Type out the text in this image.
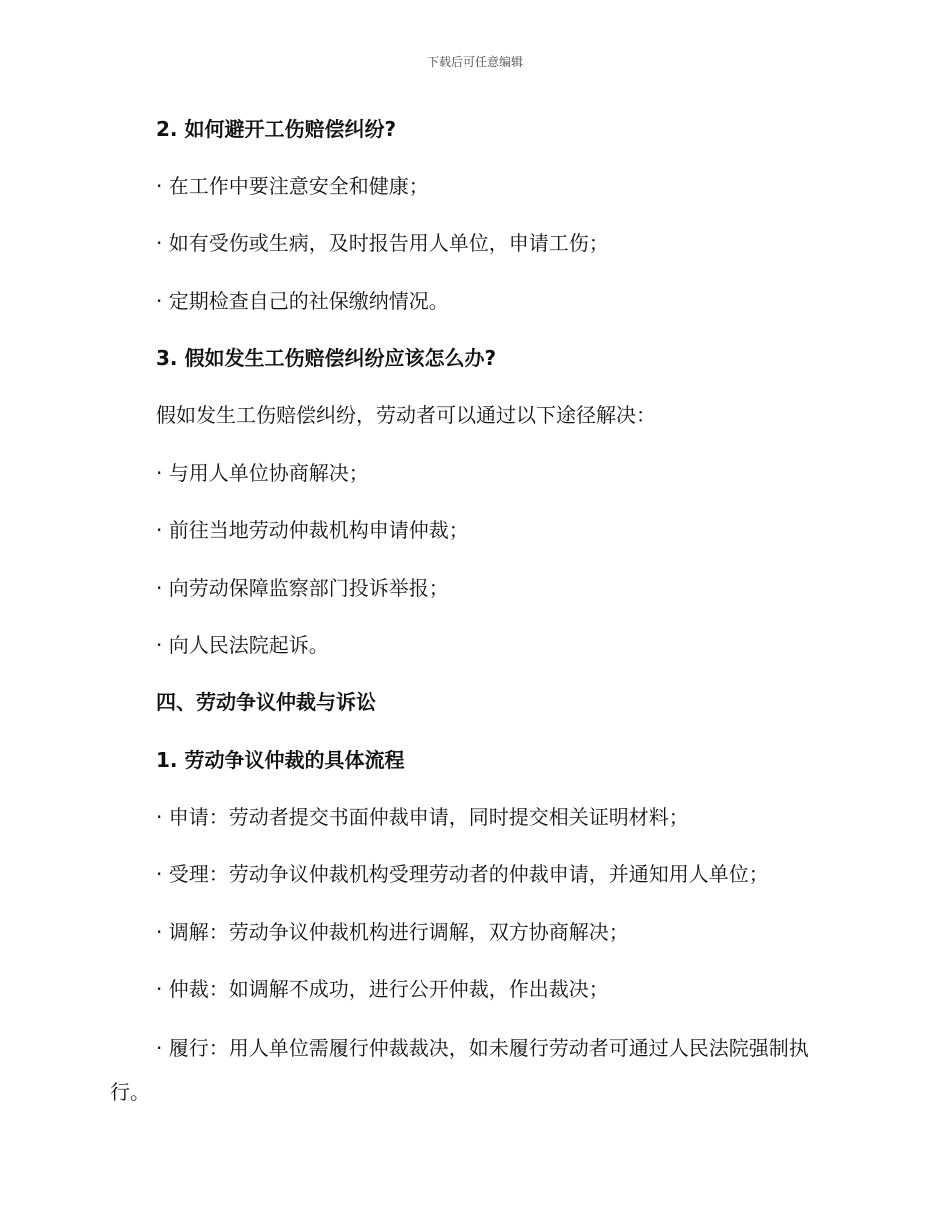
下载后可任意编辑
2. 如何避开工伤赔偿纠纷?
· 在工作中要注意安全和健康；
· 如有受伤或生病，及时报告用人单位，申请工伤；
· 定期检查自己的社保缴纳情况。
3. 假如发生工伤赔偿纠纷应该怎么办?
假如发生工伤赔偿纠纷，劳动者可以通过以下途径解决：
· 与用人单位协商解决；
· 前往当地劳动仲裁机构申请仲裁；
· 向劳动保障监察部门投诉举报；
· 向人民法院起诉。
四、劳动争议仲裁与诉讼
1. 劳动争议仲裁的具体流程
· 申请：劳动者提交书面仲裁申请，同时提交相关证明材料；
· 受理：劳动争议仲裁机构受理劳动者的仲裁申请，并通知用人单位；
· 调解：劳动争议仲裁机构进行调解，双方协商解决；
· 仲裁：如调解不成功，进行公开仲裁，作出裁决；
· 履行：用人单位需履行仲裁裁决，如未履行劳动者可通过人民法院强制执行。
